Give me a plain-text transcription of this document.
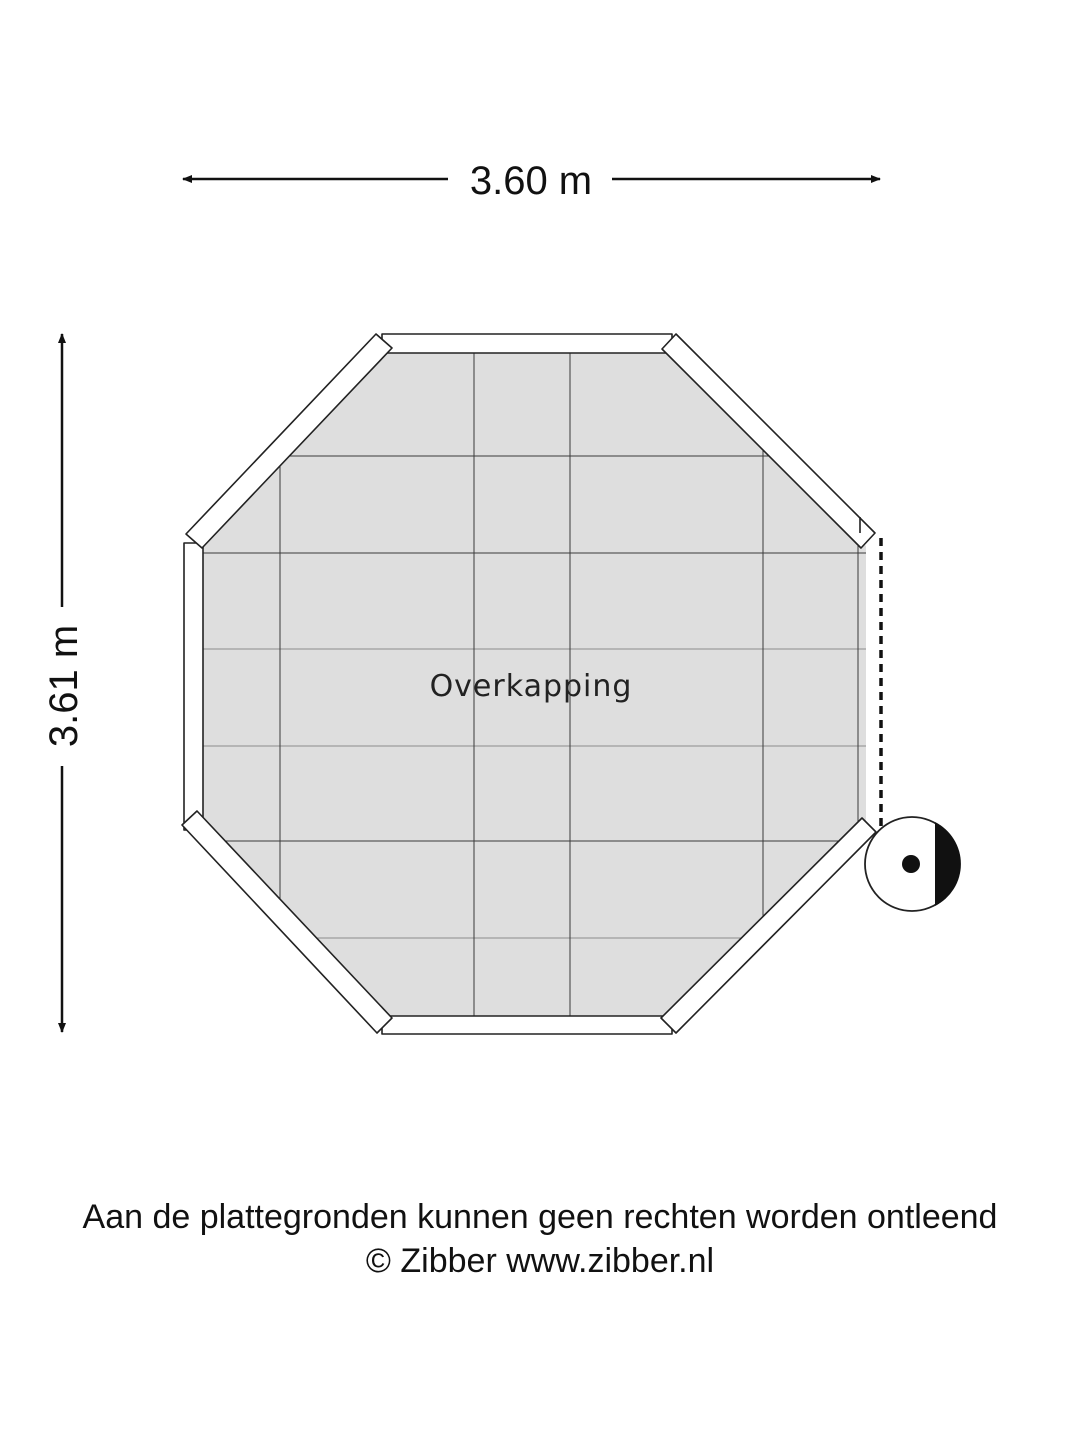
3.60 m
3.61 m	Overkapping
Aan de plattegronden kunnen geen rechten worden ontleend
© Zibber www.zibber.nl
